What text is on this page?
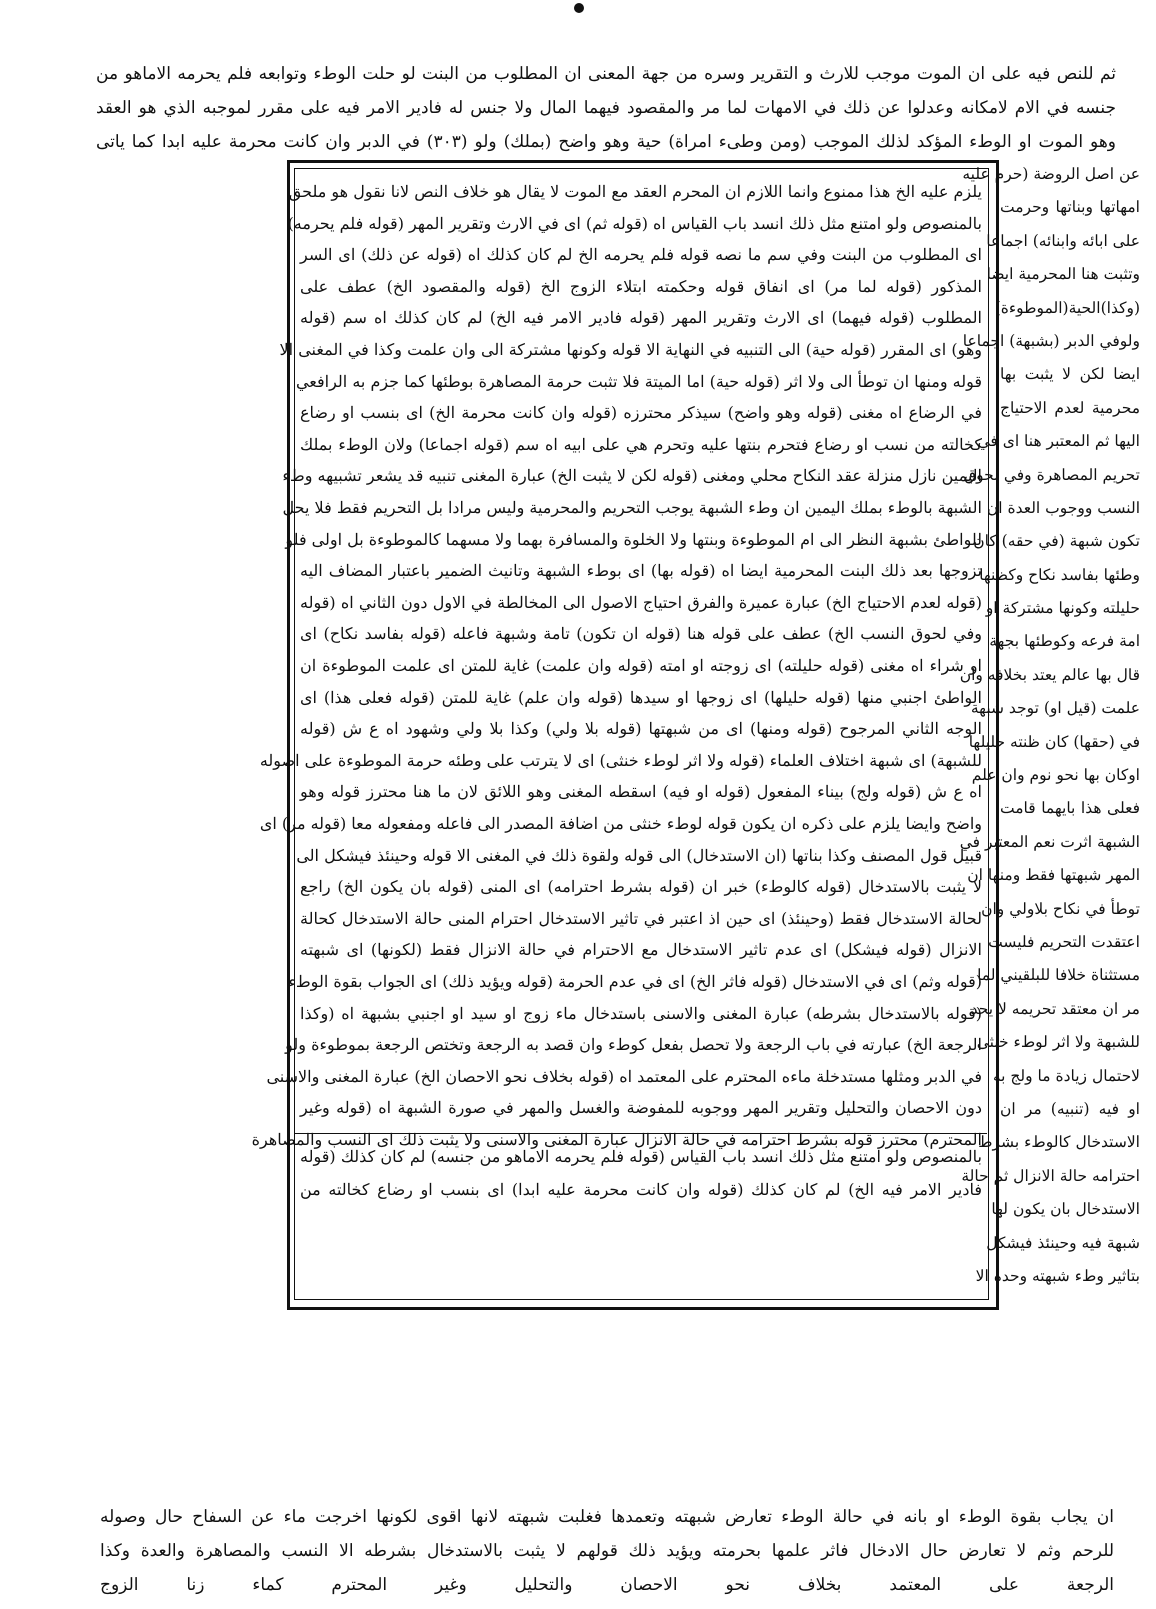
ثم للنص فيه على ان الموت موجب للارث و التقرير وسره من جهة المعنى ان المطلوب من البنت لو حلت الوطء وتوابعه فلم يحرمه الاماهو من
جنسه في الام لامكانه وعدلوا عن ذلك في الامهات لما مر والمقصود فيهما المال ولا جنس له فادير الامر فيه على مقرر لموجبه الذي هو العقد
وهو الموت او الوطء المؤكد لذلك الموجب (ومن وطىء امراة) حية وهو واضح (بملك) ولو (٣٠٣) في الدبر وان كانت محرمة عليه ابدا كما ياتى
عن اصل الروضة (حرم عليه
امهاتها وبناتها وحرمت
على ابائه وابنائه) اجماعا
وتثبت هنا المحرمية ايضا
(وكذا)الحية(الموطوءة)
ولوفي الدبر (بشبهة) اجماعا
ايضا لكن لا يثبت بها
محرمية لعدم الاحتياج
اليها ثم المعتبر هنا اى في
تحريم المصاهرة وفي لحوق
النسب ووجوب العدة ان
تكون شبهة (في حقه) كان
وطئها بفاسد نكاح وكظنها
حليلته وكونها مشتركة او
امة فرعه وكوطئها بجهة
قال بها عالم يعتد بخلافه وان
علمت (قيل او) توجد شبهة
في (حقها) كان ظنته حليلها
اوكان بها نحو نوم وان علم
فعلى هذا بايهما قامت
الشبهة اثرت نعم المعتبر في
المهر شبهتها فقط ومنها ان
توطأ في نكاح بلاولي وان
اعتقدت التحريم فليست
مستثناة خلافا للبلقيني لما
مر ان معتقد تحريمه لا يحد
للشبهة ولا اثر لوطء خنثى
لاحتمال زيادة ما ولج به
او فيه (تنبيه) مر ان
الاستدخال كالوطء بشرط
احترامه حالة الانزال ثم حالة
الاستدخال بان يكون لها
شبهة فيه وحينئذ فيشكل
بتاثير وطء شبهته وحده الا
يلزم عليه الخ هذا ممنوع وانما اللازم ان المحرم العقد مع الموت لا يقال هو خلاف النص لانا نقول هو ملحق
بالمنصوص ولو امتنع مثل ذلك انسد باب القياس اه (قوله ثم) اى في الارث وتقرير المهر (قوله فلم يحرمه)
اى المطلوب من البنت وفي سم ما نصه قوله فلم يحرمه الخ لم كان كذلك اه (قوله عن ذلك) اى السر
المذكور (قوله لما مر) اى انفاق قوله وحكمته ابتلاء الزوج الخ (قوله والمقصود الخ) عطف على
المطلوب (قوله فيهما) اى الارث وتقرير المهر (قوله فادير الامر فيه الخ) لم كان كذلك اه سم (قوله
وهو) اى المقرر (قوله حية) الى التنبيه في النهاية الا قوله وكونها مشتركة الى وان علمت وكذا في المغنى الا
قوله ومنها ان توطأ الى ولا اثر (قوله حية) اما الميتة فلا تثبت حرمة المصاهرة بوطئها كما جزم به الرافعي
في الرضاع اه مغنى (قوله وهو واضح) سيذكر محترزه (قوله وان كانت محرمة الخ) اى بنسب او رضاع
كخالته من نسب او رضاع فتحرم بنتها عليه وتحرم هي على ابيه اه سم (قوله اجماعا) ولان الوطء بملك
اليمين نازل منزلة عقد النكاح محلي ومغنى (قوله لكن لا يثبت الخ) عبارة المغنى تنبيه قد يشعر تشبيهه وطء
الشبهة بالوطء بملك اليمين ان وطء الشبهة يوجب التحريم والمحرمية وليس مرادا بل التحريم فقط فلا يحل
للواطئ بشبهة النظر الى ام الموطوءة وبنتها ولا الخلوة والمسافرة بهما ولا مسهما كالموطوءة بل اولى فلو
تزوجها بعد ذلك البنت المحرمية ايضا اه (قوله بها) اى بوطء الشبهة وتانيث الضمير باعتبار المضاف اليه
(قوله لعدم الاحتياج الخ) عبارة عميرة والفرق احتياج الاصول الى المخالطة في الاول دون الثاني اه (قوله
وفي لحوق النسب الخ) عطف على قوله هنا (قوله ان تكون) تامة وشبهة فاعله (قوله بفاسد نكاح) اى
او شراء اه مغنى (قوله حليلته) اى زوجته او امته (قوله وان علمت) غاية للمتن اى علمت الموطوءة ان
الواطئ اجنبي منها (قوله حليلها) اى زوجها او سيدها (قوله وان علم) غاية للمتن (قوله فعلى هذا) اى
الوجه الثاني المرجوح (قوله ومنها) اى من شبهتها (قوله بلا ولي) وكذا بلا ولي وشهود اه ع ش (قوله
للشبهة) اى شبهة اختلاف العلماء (قوله ولا اثر لوطء خنثى) اى لا يترتب على وطئه حرمة الموطوءة على اصوله
اه ع ش (قوله ولج) بيناء المفعول (قوله او فيه) اسقطه المغنى وهو اللائق لان ما هنا محترز قوله وهو
واضح وايضا يلزم على ذكره ان يكون قوله لوطء خنثى من اضافة المصدر الى فاعله ومفعوله معا (قوله مر) اى
قبيل قول المصنف وكذا بناتها (ان الاستدخال) الى قوله ولقوة ذلك في المغنى الا قوله وحينئذ فيشكل الى
لا يثبت بالاستدخال (قوله كالوطء) خبر ان (قوله بشرط احترامه) اى المنى (قوله بان يكون الخ) راجع
لحالة الاستدخال فقط (وحينئذ) اى حين اذ اعتبر في تاثير الاستدخال احترام المنى حالة الاستدخال كحالة
الانزال (قوله فيشكل) اى عدم تاثير الاستدخال مع الاحترام في حالة الانزال فقط (لكونها) اى شبهته
(قوله وثم) اى في الاستدخال (قوله فاثر الخ) اى في عدم الحرمة (قوله ويؤيد ذلك) اى الجواب بقوة الوطء
(قوله بالاستدخال بشرطه) عبارة المغنى والاسنى باستدخال ماء زوج او سيد او اجنبي بشبهة اه (وكذا
الرجعة الخ) عبارته في باب الرجعة ولا تحصل بفعل كوطء وان قصد به الرجعة وتختص الرجعة بموطوءة ولو
في الدبر ومثلها مستدخلة ماءه المحترم على المعتمد اه (قوله بخلاف نحو الاحصان الخ) عبارة المغنى والاسنى
دون الاحصان والتحليل وتقرير المهر ووجوبه للمفوضة والغسل والمهر في صورة الشبهة اه (قوله وغير
المحترم) محترز قوله بشرط احترامه في حالة الانزال عبارة المغنى والاسنى ولا يثبت ذلك اى النسب والمصاهرة
بالمنصوص ولو امتنع مثل ذلك انسد باب القياس (قوله فلم يحرمه الاماهو من جنسه) لم كان كذلك (قوله
فادير الامر فيه الخ) لم كان كذلك (قوله وان كانت محرمة عليه ابدا) اى بنسب او رضاع كخالته من
ان يجاب بقوة الوطء او بانه في حالة الوطء تعارض شبهته وتعمدها فغلبت شبهته لانها اقوى لكونها اخرجت ماء عن السفاح حال وصوله
للرحم وثم لا تعارض حال الادخال فاثر علمها بحرمته ويؤيد ذلك قولهم لا يثبت بالاستدخال بشرطه الا النسب والمصاهرة والعدة وكذا
الرجعة على المعتمد بخلاف نحو الاحصان والتحليل وغير المحترم كماء زنا الزوج
